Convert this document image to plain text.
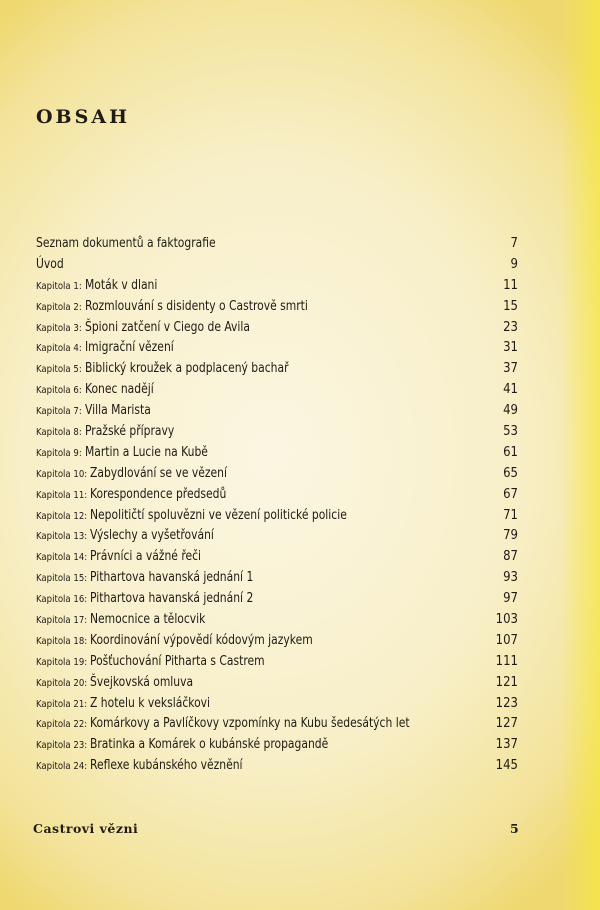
OBSAH
Seznam dokumentů a faktografie	7
Úvod	9
Kapitola 1: Moták v dlani	11
Kapitola 2: Rozmlouvání s disidenty o Castrově smrti	15
Kapitola 3: Špioni zatčení v Ciego de Avila	23
Kapitola 4: Imigrační vězení	31
Kapitola 5: Biblický kroužek a podplacený bachař	37
Kapitola 6: Konec nadějí	41
Kapitola 7: Villa Marista	49
Kapitola 8: Pražské přípravy	53
Kapitola 9: Martin a Lucie na Kubě	61
Kapitola 10: Zabydlování se ve vězení	65
Kapitola 11: Korespondence předsedů	67
Kapitola 12: Nepolitičtí spoluvězni ve vězení politické policie	71
Kapitola 13: Výslechy a vyšetřování	79
Kapitola 14: Právníci a vážné řeči	87
Kapitola 15: Pithartova havanská jednání 1	93
Kapitola 16: Pithartova havanská jednání 2	97
Kapitola 17: Nemocnice a tělocvik	103
Kapitola 18: Koordinování výpovědí kódovým jazykem	107
Kapitola 19: Pošťuchování Pitharta s Castrem	111
Kapitola 20: Švejkovská omluva	121
Kapitola 21: Z hotelu k veksláčkovi	123
Kapitola 22: Komárkovy a Pavlíčkovy vzpomínky na Kubu šedesátých let	127
Kapitola 23: Bratinka a Komárek o kubánské propagandě	137
Kapitola 24: Reflexe kubánského věznění	145
Castrovi vězni	5
